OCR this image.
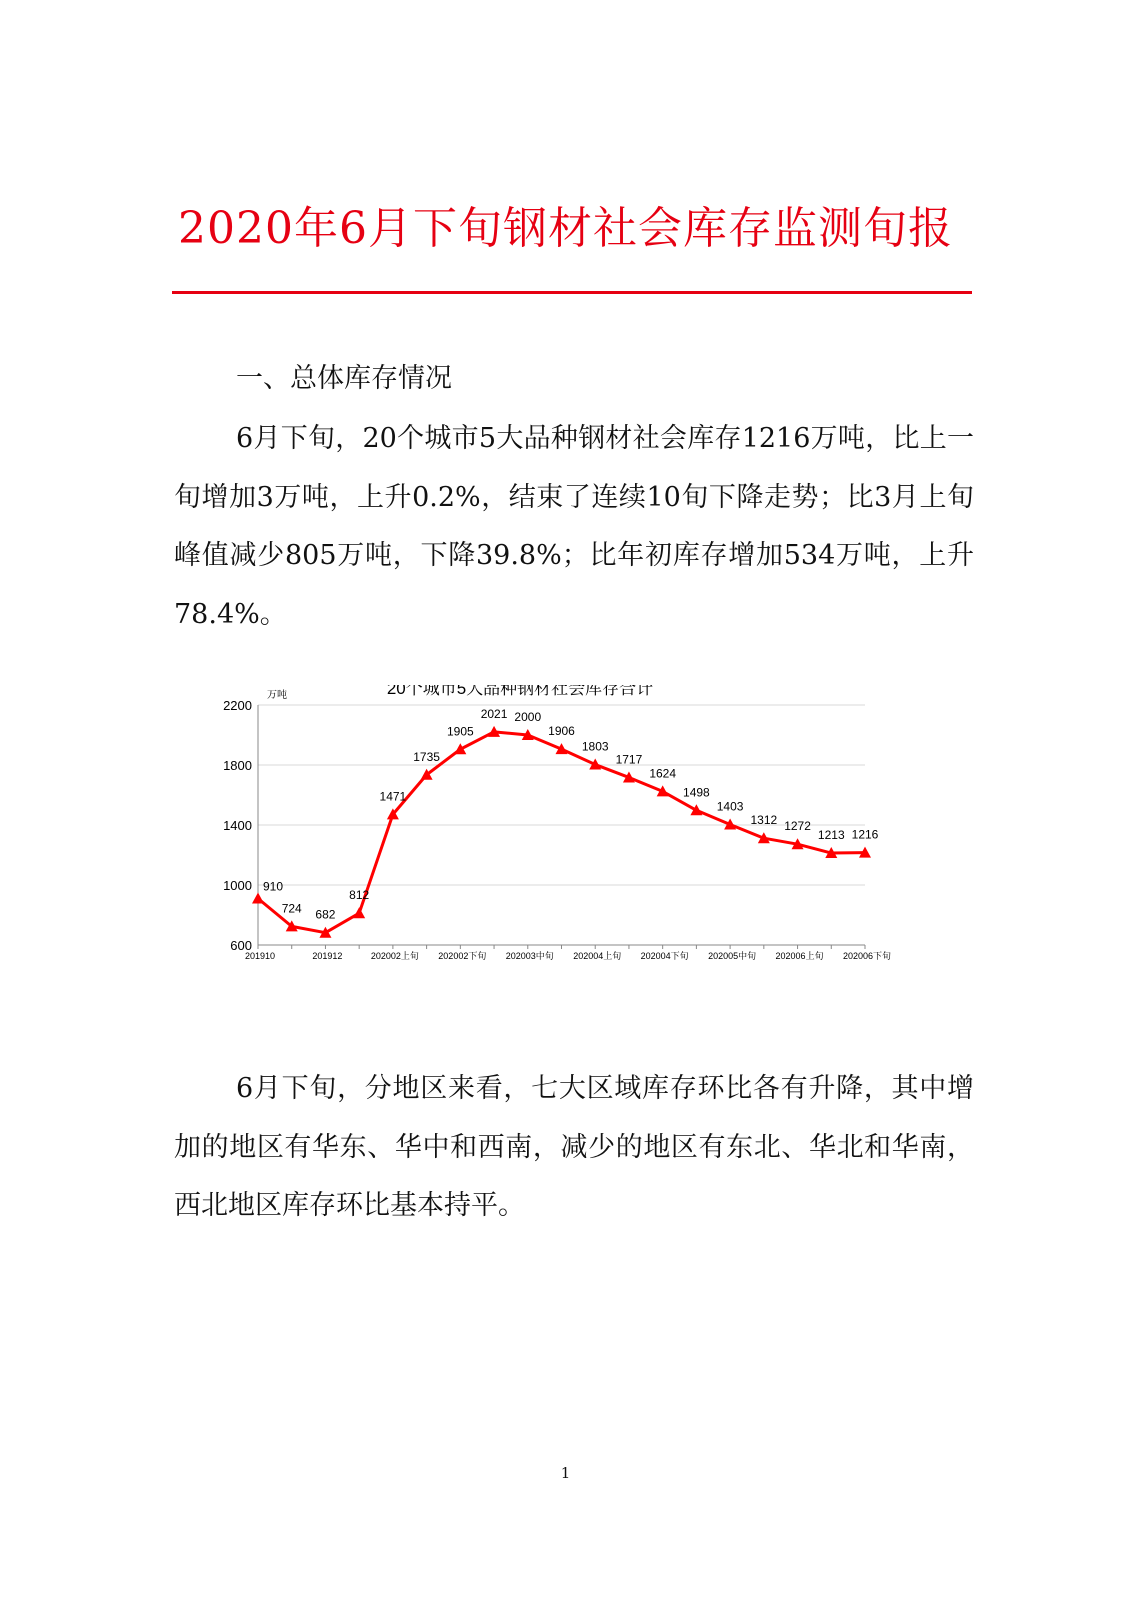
2020年6月下旬钢材社会库存监测旬报
一、总体库存情况

6月下旬，20个城市5大品种钢材社会库存1216万吨，比上一旬增加3万吨，上升0.2%，结束了连续10旬下降走势；比3月上旬峰值减少805万吨，下降39.8%；比年初库存增加534万吨，上升78.4%。

20个城市5大品种钢材社会库存合计
万吨
600
1000
1400
1800
2200
201910	201912	202002上旬 202002下旬 202003中旬 202004上旬 202004下旬 202005中旬 202006上旬 202006下旬
910
724 682
812
1471
1735
1905
2021 2000
1906
1803
1717
1624
1498
1403
1312 1272
1213 1216

6月下旬，分地区来看，七大区域库存环比各有升降，其中增加的地区有华东、华中和西南，减少的地区有东北、华北和华南，西北地区库存环比基本持平。

1
